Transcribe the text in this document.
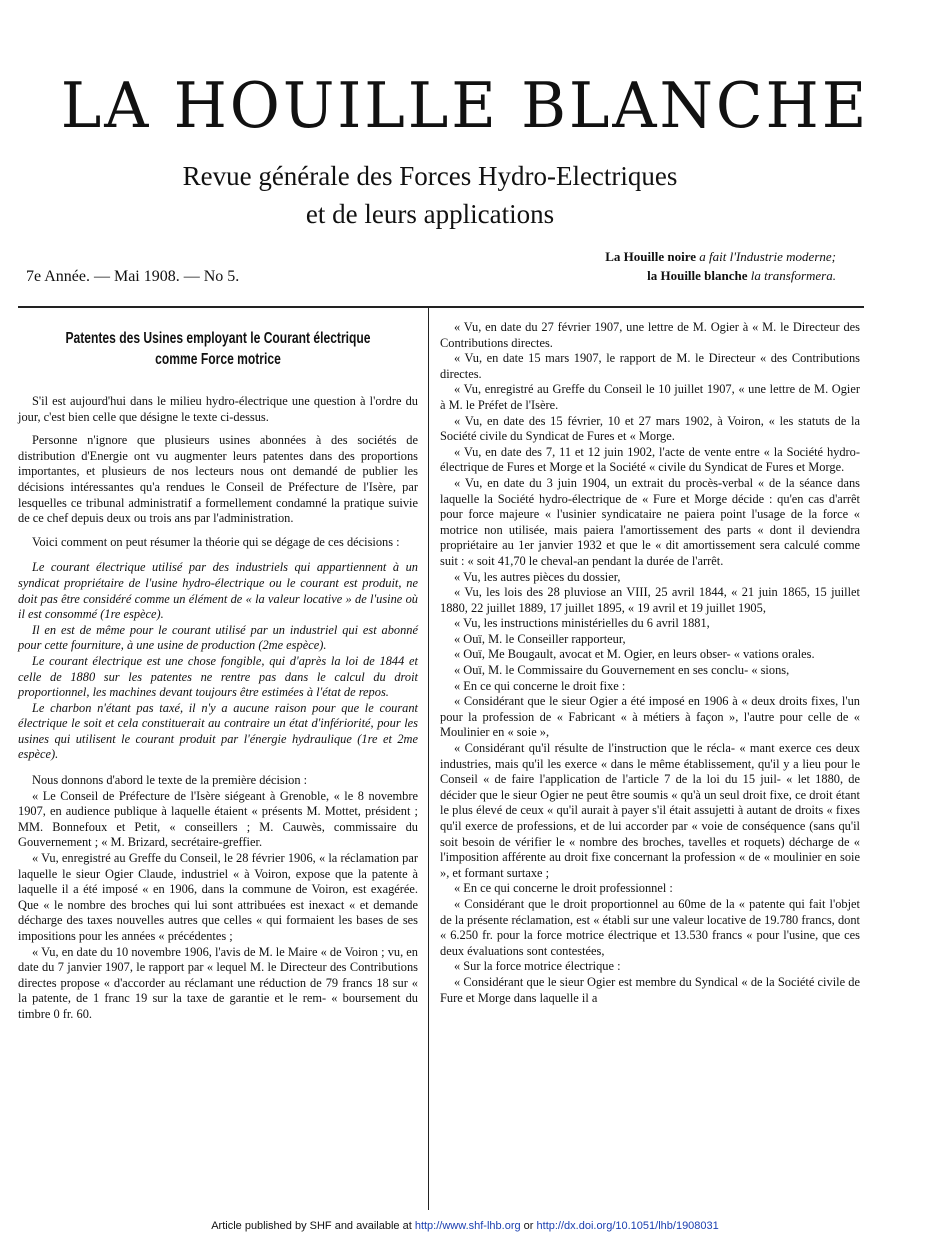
LA HOUILLE BLANCHE
Revue générale des Forces Hydro-Electriques
et de leurs applications
7e Année. — Mai 1908. — No 5.
La Houille noire a fait l'Industrie moderne;
la Houille blanche la transformera.
Patentes des Usines employant le Courant électrique comme Force motrice

S'il est aujourd'hui dans le milieu hydro-électrique une question à l'ordre du jour, c'est bien celle que désigne le texte ci-dessus.

Personne n'ignore que plusieurs usines abonnées à des sociétés de distribution d'Energie ont vu augmenter leurs patentes dans des proportions importantes, et plusieurs de nos lecteurs nous ont demandé de publier les décisions intéressantes qu'a rendues le Conseil de Préfecture de l'Isère, par lesquelles ce tribunal administratif a formellement condamné la pratique suivie de ce chef depuis deux ou trois ans par l'administration.

Voici comment on peut résumer la théorie qui se dégage de ces décisions :

Le courant électrique utilisé par des industriels qui appartiennent à un syndicat propriétaire de l'usine hydro-électrique ou le courant est produit, ne doit pas être considéré comme un élément de « la valeur locative » de l'usine où il est consommé (1re espèce).

Il en est de même pour le courant utilisé par un industriel qui est abonné pour cette fourniture, à une usine de production (2me espèce).

Le courant électrique est une chose fongible, qui d'après la loi de 1844 et celle de 1880 sur les patentes ne rentre pas dans le calcul du droit proportionnel, les machines devant toujours être estimées à l'état de repos.

Le charbon n'étant pas taxé, il n'y a aucune raison pour que le courant électrique le soit et cela constituerait au contraire un état d'infériorité, pour les usines qui utilisent le courant produit par l'énergie hydraulique (1re et 2me espèce).

Nous donnons d'abord le texte de la première décision :

« Le Conseil de Préfecture de l'Isère siégeant à Grenoble, « le 8 novembre 1907, en audience publique à laquelle étaient « présents M. Mottet, président ; MM. Bonnefoux et Petit, « conseillers ; M. Cauwès, commissaire du Gouvernement ; « M. Brizard, secrétaire-greffier.

« Vu, enregistré au Greffe du Conseil, le 28 février 1906, « la réclamation par laquelle le sieur Ogier Claude, industriel « à Voiron, expose que la patente à laquelle il a été imposé « en 1906, dans la commune de Voiron, est exagérée. Que « le nombre des broches qui lui sont attribuées est inexact « et demande décharge des taxes nouvelles autres que celles « qui formaient les bases de ses impositions pour les années « précédentes ;

« Vu, en date du 10 novembre 1906, l'avis de M. le Maire « de Voiron ; vu, en date du 7 janvier 1907, le rapport par « lequel M. le Directeur des Contributions directes propose « d'accorder au réclamant une réduction de 79 francs 18 sur « la patente, de 1 franc 19 sur la taxe de garantie et le rem- « boursement du timbre 0 fr. 60.

« Vu, en date du 27 février 1907, une lettre de M. Ogier à « M. le Directeur des Contributions directes.

« Vu, en date 15 mars 1907, le rapport de M. le Directeur « des Contributions directes.

« Vu, enregistré au Greffe du Conseil le 10 juillet 1907, « une lettre de M. Ogier à M. le Préfet de l'Isère.

« Vu, en date des 15 février, 10 et 27 mars 1902, à Voiron, « les statuts de la Société civile du Syndicat de Fures et « Morge.

« Vu, en date des 7, 11 et 12 juin 1902, l'acte de vente entre « la Société hydro-électrique de Fures et Morge et la Société « civile du Syndicat de Fures et Morge.

« Vu, en date du 3 juin 1904, un extrait du procès-verbal « de la séance dans laquelle la Société hydro-électrique de « Fure et Morge décide : qu'en cas d'arrêt pour force majeure « l'usinier syndicataire ne paiera point l'usage de la force « motrice non utilisée, mais paiera l'amortissement des parts « dont il deviendra propriétaire au 1er janvier 1932 et que le « dit amortissement sera calculé comme suit : « soit 41,70 le cheval-an pendant la durée de l'arrêt.

« Vu, les autres pièces du dossier,

« Vu, les lois des 28 pluviose an VIII, 25 avril 1844, « 21 juin 1865, 15 juillet 1880, 22 juillet 1889, 17 juillet 1895, « 19 avril et 19 juillet 1905,

« Vu, les instructions ministérielles du 6 avril 1881,

« Ouï, M. le Conseiller rapporteur,

« Ouï, Me Bougault, avocat et M. Ogier, en leurs obser- « vations orales.

« Ouï, M. le Commissaire du Gouvernement en ses conclu- « sions,

« En ce qui concerne le droit fixe :

« Considérant que le sieur Ogier a été imposé en 1906 à « deux droits fixes, l'un pour la profession de « Fabricant « à métiers à façon », l'autre pour celle de « Moulinier en « soie »,

« Considérant qu'il résulte de l'instruction que le récla- « mant exerce ces deux industries, mais qu'il les exerce « dans le même établissement, qu'il y a lieu pour le Conseil « de faire l'application de l'article 7 de la loi du 15 juil- « let 1880, de décider que le sieur Ogier ne peut être soumis « qu'à un seul droit fixe, ce droit étant le plus élevé de ceux « qu'il aurait à payer s'il était assujetti à autant de droits « fixes qu'il exerce de professions, et de lui accorder par « voie de conséquence (sans qu'il soit besoin de vérifier le « nombre des broches, tavelles et roquets) décharge de « l'imposition afférente au droit fixe concernant la profession « de « moulinier en soie », et formant surtaxe ;

« En ce qui concerne le droit professionnel :

« Considérant que le droit proportionnel au 60me de la « patente qui fait l'objet de la présente réclamation, est « établi sur une valeur locative de 19.780 francs, dont « 6.250 fr. pour la force motrice électrique et 13.530 francs « pour l'usine, que ces deux évaluations sont contestées,

« Sur la force motrice électrique :

« Considérant que le sieur Ogier est membre du Syndical « de la Société civile de Fure et Morge dans laquelle il a

Article published by SHF and available at http://www.shf-lhb.org or http://dx.doi.org/10.1051/lhb/1908031
